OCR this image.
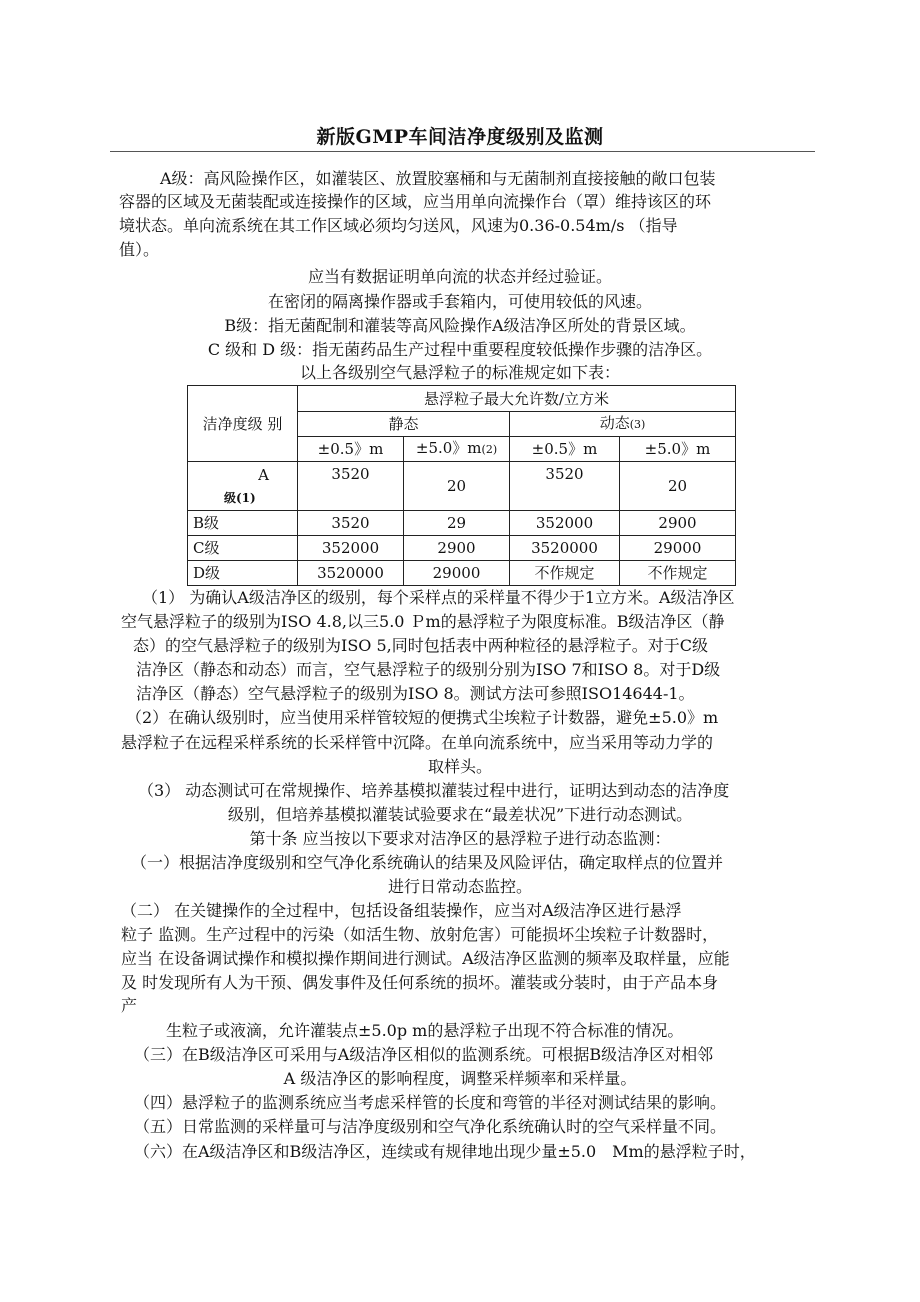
新版GMP车间洁净度级别及监测
A级：高风险操作区，如灌装区、放置胶塞桶和与无菌制剂直接接触的敞口包装
容器的区域及无菌装配或连接操作的区域，应当用单向流操作台（罩）维持该区的环
境状态。单向流系统在其工作区域必须均匀送风，风速为0.36-0.54m/s （指导
值）。
应当有数据证明单向流的状态并经过验证。
在密闭的隔离操作器或手套箱内，可使用较低的风速。
B级：指无菌配制和灌装等高风险操作A级洁净区所处的背景区域。
C 级和 D 级：指无菌药品生产过程中重要程度较低操作步骤的洁净区。
以上各级别空气悬浮粒子的标准规定如下表：
洁净度级 别	悬浮粒子最大允许数/立方米			
	静态		动态(3)	
	±0.5》m	±5.0》m(2)	±0.5》m	±5.0》m

A
级(1)	3520	20	3520	20
B级	3520	29	352000	2900
C级	352000	2900	3520000	29000
D级	3520000	29000	不作规定	不作规定
（1） 为确认A级洁净区的级别，每个采样点的采样量不得少于1立方米。A级洁净区
空气悬浮粒子的级别为ISO 4.8,以三5.0 Ｐm的悬浮粒子为限度标准。B级洁净区（静
态）的空气悬浮粒子的级别为ISO 5,同时包括表中两种粒径的悬浮粒子。对于C级
洁净区（静态和动态）而言，空气悬浮粒子的级别分别为ISO 7和ISO 8。对于D级
洁净区（静态）空气悬浮粒子的级别为ISO 8。测试方法可参照ISO14644-1。
（2）在确认级别时，应当使用采样管较短的便携式尘埃粒子计数器，避免±5.0》m
悬浮粒子在远程采样系统的长采样管中沉降。在单向流系统中，应当采用等动力学的
取样头。
（3） 动态测试可在常规操作、培养基模拟灌装过程中进行，证明达到动态的洁净度
级别，但培养基模拟灌装试验要求在“最差状况”下进行动态测试。
第十条 应当按以下要求对洁净区的悬浮粒子进行动态监测：
（一）根据洁净度级别和空气净化系统确认的结果及风险评估，确定取样点的位置并
进行日常动态监控。
（二） 在关键操作的全过程中，包括设备组装操作，应当对A级洁净区进行悬浮
粒子 监测。生产过程中的污染（如活生物、放射危害）可能损坏尘埃粒子计数器时，
应当 在设备调试操作和模拟操作期间进行测试。A级洁净区监测的频率及取样量，应能
及 时发现所有人为干预、偶发事件及任何系统的损坏。灌装或分装时，由于产品本身
产
生粒子或液滴，允许灌装点±5.0p m的悬浮粒子出现不符合标准的情况。
（三）在B级洁净区可采用与A级洁净区相似的监测系统。可根据B级洁净区对相邻
A 级洁净区的影响程度，调整采样频率和采样量。
（四）悬浮粒子的监测系统应当考虑采样管的长度和弯管的半径对测试结果的影响。
（五）日常监测的采样量可与洁净度级别和空气净化系统确认时的空气采样量不同。
（六）在A级洁净区和B级洁净区，连续或有规律地出现少量±5.0　Mm的悬浮粒子时，
